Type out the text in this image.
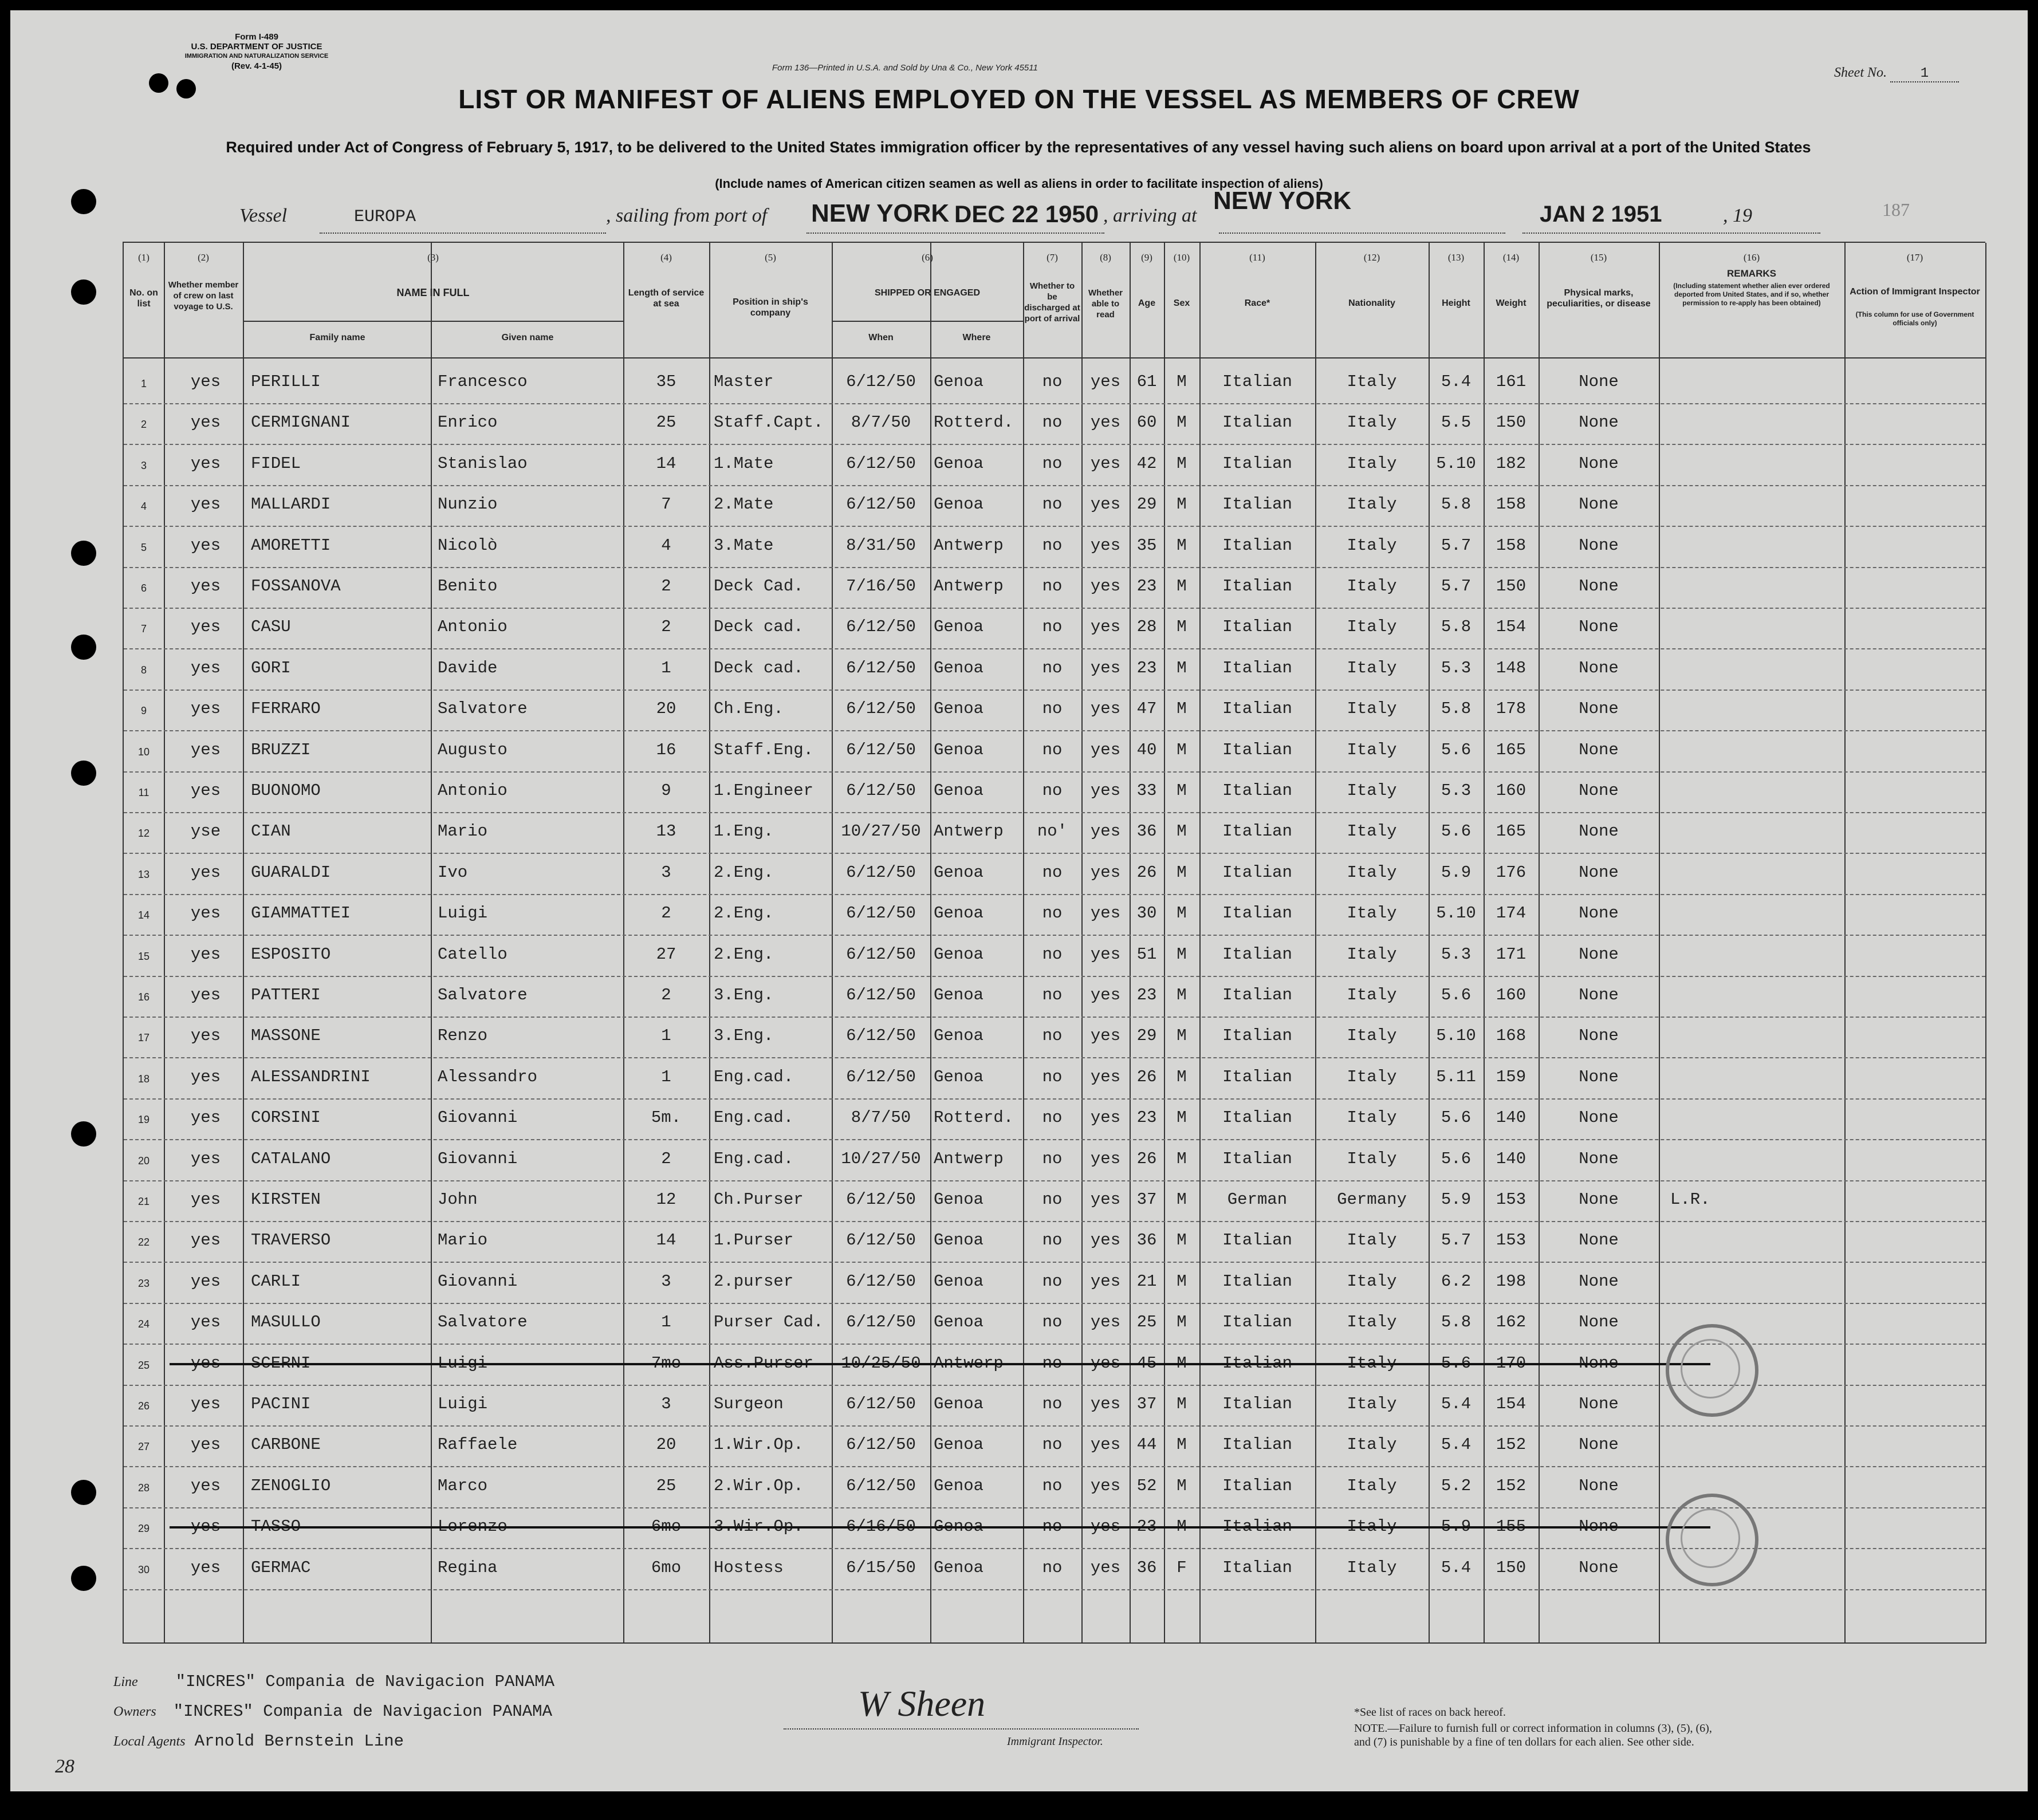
Form I-489
U.S. DEPARTMENT OF JUSTICE
IMMIGRATION AND NATURALIZATION SERVICE
(Rev. 4-1-45)	Form 136—Printed in U.S.A. and Sold by Una & Co., New York 45511	Sheet No. 1
LIST OR MANIFEST OF ALIENS EMPLOYED ON THE VESSEL AS MEMBERS OF CREW
Required under Act of Congress of February 5, 1917, to be delivered to the United States immigration officer by the representatives of any vessel having such aliens on board upon arrival at a port of the United States
(Include names of American citizen seamen as well as aliens in order to facilitate inspection of aliens)
Vessel	EUROPA	, sailing from port of NEW YORK DEC 22 1950 , arriving at
NEW YORK	JAN 2 1951	, 19	187
(1)	(2)	(3)	(4)	(5)	(6)	(7)	(8)	(9)	(10)	(11)	(12)	(13)	(14)	(15)	(16)	(17)
No. on list
Whether member of crew on last voyage to U.S.
NAME IN FULL
Family name	Given name
Length of service at sea	Position in ship's company
SHIPPED OR ENGAGED
When	Where
Whether to be discharged at port of arrival
Whether able to read
Age	Sex	Race*	Nationality	Height	Weight
Physical marks, peculiarities, or disease
REMARKS
(Including statement whether alien ever ordered deported from United States, and if so, whether permission to re-apply has been obtained)
Action of Immigrant Inspector
(This column for use of Government officials only)
1	yes	PERILLI	Francesco	35	Master	6/12/50	Genoa	no	yes 61	M	Italian	Italy	5.4	161	None
2	yes	CERMIGNANI	Enrico	25	Staff.Capt.	8/7/50	Rotterd.	no	yes 60	M	Italian	Italy	5.5	150	None
3	yes	FIDEL	Stanislao	14	1.Mate	6/12/50	Genoa	no	yes 42	M	Italian	Italy	5.10	182	None
4	yes	MALLARDI	Nunzio	7	2.Mate	6/12/50	Genoa	no	yes 29	M	Italian	Italy	5.8	158	None
5	yes	AMORETTI	Nicolò	4	3.Mate	8/31/50	Antwerp	no	yes 35	M	Italian	Italy	5.7	158	None
6	yes	FOSSANOVA	Benito	2	Deck Cad.	7/16/50	Antwerp	no	yes 23	M	Italian	Italy	5.7	150	None
7	yes	CASU	Antonio	2	Deck cad.	6/12/50	Genoa	no	yes 28	M	Italian	Italy	5.8	154	None
8	yes	GORI	Davide	1	Deck cad.	6/12/50	Genoa	no	yes 23	M	Italian	Italy	5.3	148	None
9	yes	FERRARO	Salvatore	20	Ch.Eng.	6/12/50	Genoa	no	yes 47	M	Italian	Italy	5.8	178	None
10	yes	BRUZZI	Augusto	16	Staff.Eng.	6/12/50	Genoa	no	yes 40	M	Italian	Italy	5.6	165	None
11	yes	BUONOMO	Antonio	9	1.Engineer	6/12/50	Genoa	no	yes 33	M	Italian	Italy	5.3	160	None
12	yse	CIAN	Mario	13	1.Eng.	10/27/50 Antwerp	no'	yes 36	M	Italian	Italy	5.6	165	None
13	yes	GUARALDI	Ivo	3	2.Eng.	6/12/50	Genoa	no	yes 26	M	Italian	Italy	5.9	176	None
14	yes	GIAMMATTEI	Luigi	2	2.Eng.	6/12/50	Genoa	no	yes 30	M	Italian	Italy	5.10	174	None
15	yes	ESPOSITO	Catello	27	2.Eng.	6/12/50	Genoa	no	yes 51	M	Italian	Italy	5.3	171	None
16	yes	PATTERI	Salvatore	2	3.Eng.	6/12/50	Genoa	no	yes 23	M	Italian	Italy	5.6	160	None
17	yes	MASSONE	Renzo	1	3.Eng.	6/12/50	Genoa	no	yes 29	M	Italian	Italy	5.10	168	None
18	yes	ALESSANDRINI	Alessandro	1	Eng.cad.	6/12/50	Genoa	no	yes 26	M	Italian	Italy	5.11	159	None
19	yes	CORSINI	Giovanni	5m.	Eng.cad.	8/7/50	Rotterd.	no	yes 23	M	Italian	Italy	5.6	140	None
20	yes	CATALANO	Giovanni	2	Eng.cad.	10/27/50 Antwerp	no	yes 26	M	Italian	Italy	5.6	140	None
21	yes	KIRSTEN	John	12	Ch.Purser	6/12/50	Genoa	no	yes 37	M	German	Germany	5.9	153	None	L.R.
22	yes	TRAVERSO	Mario	14	1.Purser	6/12/50	Genoa	no	yes 36	M	Italian	Italy	5.7	153	None
23	yes	CARLI	Giovanni	3	2.purser	6/12/50	Genoa	no	yes 21	M	Italian	Italy	6.2	198	None
24	yes	MASULLO	Salvatore	1	Purser Cad.	6/12/50	Genoa	no	yes 25	M	Italian	Italy	5.8	162	None
25	yes	SCERNI	Luigi	7mo	Ass.Purser	10/25/50 Antwerp	no	yes 45	M	Italian	Italy	5.6	170	None
26	yes	PACINI	Luigi	3	Surgeon	6/12/50	Genoa	no	yes 37	M	Italian	Italy	5.4	154	None
27	yes	CARBONE	Raffaele	20	1.Wir.Op.	6/12/50	Genoa	no	yes 44	M	Italian	Italy	5.4	152	None
28	yes	ZENOGLIO	Marco	25	2.Wir.Op.	6/12/50	Genoa	no	yes 52	M	Italian	Italy	5.2	152	None
29	yes	TASSO	Lorenzo	6mo	3.Wir.Op.	6/16/50	Genoa	no	yes 23	M	Italian	Italy	5.9	155	None
30	yes	GERMAC	Regina	6mo	Hostess	6/15/50	Genoa	no	yes 36	F	Italian	Italy	5.4	150	None
Line "INCRES" Compania de Navigacion PANAMA
Owners "INCRES" Compania de Navigacion PANAMA
Local Agents Arnold Bernstein Line
W Sheen
Immigrant Inspector.
*See list of races on back hereof.
NOTE.—Failure to furnish full or correct information in columns (3), (5), (6), and (7) is punishable by a fine of ten dollars for each alien. See other side.
28
